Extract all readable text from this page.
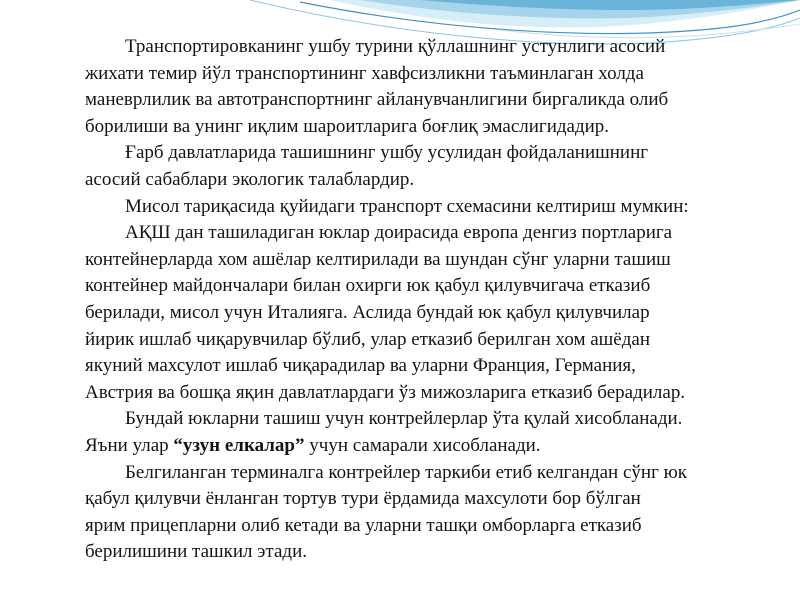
Транспортировканинг ушбу турини қўллашнинг устунлиги асосий
жихати темир йўл транспортининг хавфсизликни таъминлаган холда
маневрлилик ва автотранспортнинг айланувчанлигини биргаликда олиб
борилиши ва унинг иқлим шароитларига боғлиқ эмаслигидадир.

Ғарб давлатларида ташишнинг ушбу усулидан фойдаланишнинг
асосий сабаблари экологик талаблардир.

Мисол тариқасида қуйидаги транспорт схемасини келтириш мумкин:

АҚШ дан ташиладиган юклар доирасида европа денгиз портларига
контейнерларда хом ашёлар келтирилади ва шундан сўнг уларни ташиш
контейнер майдончалари билан охирги юк қабул қилувчигача етказиб
берилади, мисол учун Италияга. Аслида бундай юк қабул қилувчилар
йирик ишлаб чиқарувчилар бўлиб, улар етказиб берилган хом ашёдан
якуний махсулот ишлаб чиқарадилар ва уларни Франция, Германия,
Австрия ва бошқа яқин давлатлардаги ўз мижозларига етказиб берадилар.

Бундай юкларни ташиш учун контрейлерлар ўта қулай хисобланади.
Яъни улар “узун елкалар” учун самарали хисобланади.

Белгиланган терминалга контрейлер таркиби етиб келгандан сўнг юк
қабул қилувчи ёнланган тортув тури ёрдамида махсулоти бор бўлган
ярим прицепларни олиб кетади ва уларни ташқи омборларга етказиб
берилишини ташкил этади.
